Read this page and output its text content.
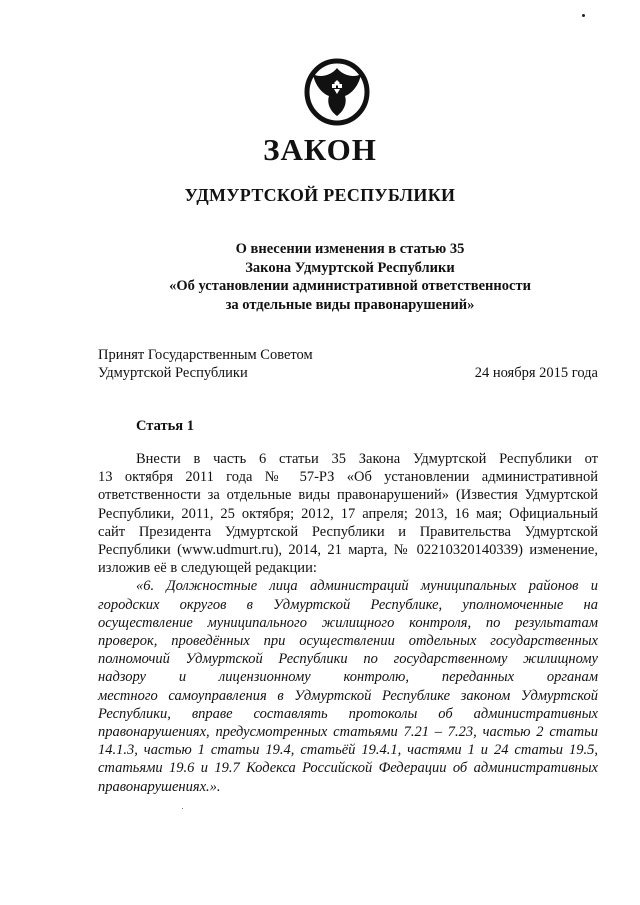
ЗАКОН
УДМУРТСКОЙ РЕСПУБЛИКИ
О внесении изменения в статью 35
Закона Удмуртской Республики
«Об установлении административной ответственности
за отдельные виды правонарушений»
Принят Государственным Советом
Удмуртской Республики	24 ноября 2015 года
Статья 1
Внести в часть 6 статьи 35 Закона Удмуртской Республики от
13 октября 2011 года № 57-РЗ «Об установлении административной
ответственности за отдельные виды правонарушений» (Известия Удмуртской
Республики, 2011, 25 октября; 2012, 17 апреля; 2013, 16 мая; Официальный
сайт Президента Удмуртской Республики и Правительства Удмуртской
Республики (www.udmurt.ru), 2014, 21 марта, № 02210320140339) изменение,
изложив её в следующей редакции:
«6. Должностные лица администраций муниципальных районов и
городских округов в Удмуртской Республике, уполномоченные на
осуществление муниципального жилищного контроля, по результатам
проверок, проведённых при осуществлении отдельных государственных
полномочий Удмуртской Республики по государственному жилищному
надзору и лицензионному контролю, переданных органам
местного самоуправления в Удмуртской Республике законом Удмуртской
Республики, вправе составлять протоколы об административных
правонарушениях, предусмотренных статьями 7.21 – 7.23, частью 2 статьи
14.1.3, частью 1 статьи 19.4, статьёй 19.4.1, частями 1 и 24 статьи 19.5,
статьями 19.6 и 19.7 Кодекса Российской Федерации об административных
правонарушениях.».
